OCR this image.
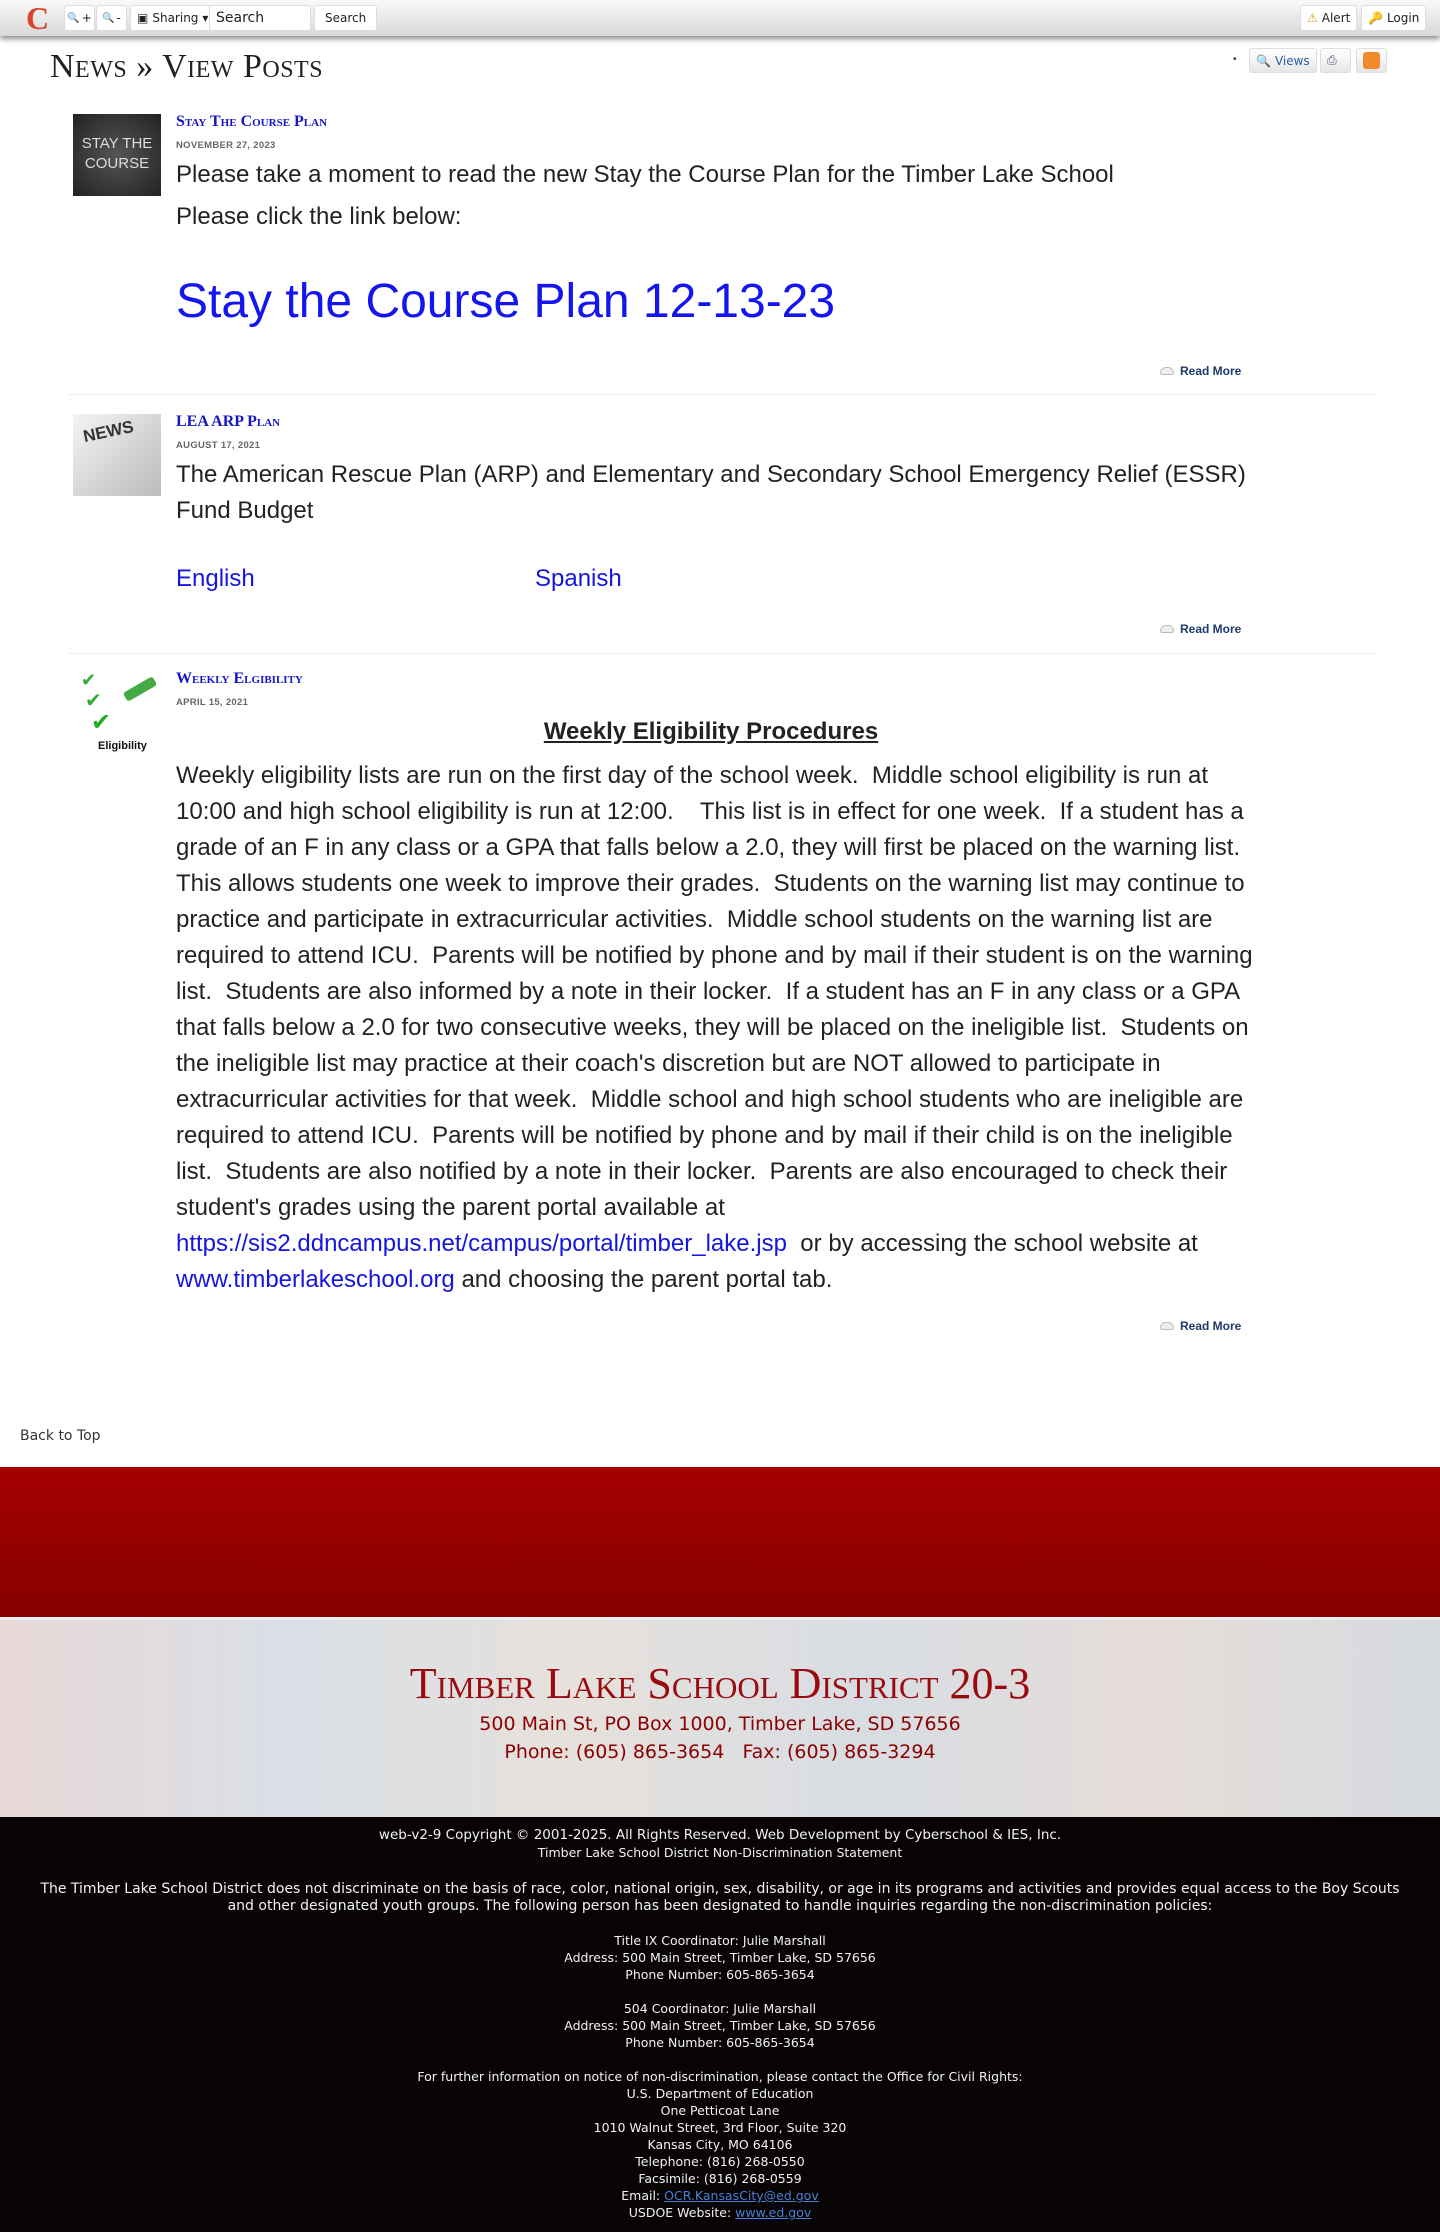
C 🔍 + 🔍 - ▣ Sharing ▾
Search	Search	⚠ Alert 🔑 Login
News » View Posts	• 🔍 Views ⎙
STAY THE COURSE
Stay The Course Plan
NOVEMBER 27, 2023
Please take a moment to read the new Stay the Course Plan for the Timber Lake School
Please click the link below:
Stay the Course Plan 12-13-23
Read More
NEWS	LEA ARP Plan
AUGUST 17, 2021
The American Rescue Plan (ARP) and Elementary and Secondary School Emergency Relief (ESSR) Fund Budget
English	Spanish
Read More
✔
✔
✔
Eligibility
Weekly Elgibility
APRIL 15, 2021
Weekly Eligibility Procedures
Weekly eligibility lists are run on the first day of the school week.  Middle school eligibility is run at 10:00 and high school eligibility is run at 12:00.    This list is in effect for one week.  If a student has a grade of an F in any class or a GPA that falls below a 2.0, they will first be placed on the warning list.  This allows students one week to improve their grades.  Students on the warning list may continue to practice and participate in extracurricular activities.  Middle school students on the warning list are required to attend ICU.  Parents will be notified by phone and by mail if their student is on the warning list.  Students are also informed by a note in their locker.  If a student has an F in any class or a GPA that falls below a 2.0 for two consecutive weeks, they will be placed on the ineligible list.  Students on the ineligible list may practice at their coach's discretion but are NOT allowed to participate in extracurricular activities for that week.  Middle school and high school students who are ineligible are required to attend ICU.  Parents will be notified by phone and by mail if their child is on the ineligible list.  Students are also notified by a note in their locker.  Parents are also encouraged to check their student's grades using the parent portal available at https://sis2.ddncampus.net/campus/portal/timber_lake.jsp  or by accessing the school website at www.timberlakeschool.org and choosing the parent portal tab.
Read More
Back to Top
Timber Lake School District 20-3
500 Main St, PO Box 1000, Timber Lake, SD 57656
Phone: (605) 865-3654   Fax: (605) 865-3294
web-v2-9 Copyright © 2001-2025. All Rights Reserved. Web Development by Cyberschool & IES, Inc.
Timber Lake School District Non-Discrimination Statement
The Timber Lake School District does not discriminate on the basis of race, color, national origin, sex, disability, or age in its programs and activities and provides equal access to the Boy Scouts and other designated youth groups. The following person has been designated to handle inquiries regarding the non-discrimination policies:
Title IX Coordinator: Julie Marshall
Address: 500 Main Street, Timber Lake, SD 57656
Phone Number: 605-865-3654
504 Coordinator: Julie Marshall
Address: 500 Main Street, Timber Lake, SD 57656
Phone Number: 605-865-3654
For further information on notice of non-discrimination, please contact the Office for Civil Rights:
U.S. Department of Education
One Petticoat Lane
1010 Walnut Street, 3rd Floor, Suite 320
Kansas City, MO 64106
Telephone: (816) 268-0550
Facsimile: (816) 268-0559
Email: OCR.KansasCity@ed.gov
USDOE Website: www.ed.gov
